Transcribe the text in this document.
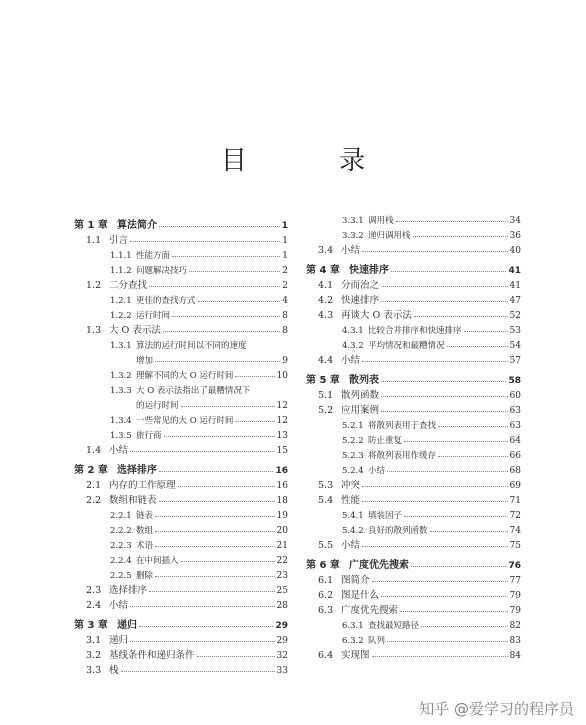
目 录
第 1 章 算法简介	1
1.1 引言	1
1.1.1 性能方面	1
1.1.2 问题解决技巧	2
1.2 二分查找	2
1.2.1 更佳的查找方式	4
1.2.2 运行时间	8
1.3 大 O 表示法	8
1.3.1 算法的运行时间以不同的速度
增加	9
1.3.2 理解不同的大 O 运行时间	10
1.3.3 大 O 表示法指出了最糟情况下
的运行时间	12
1.3.4 一些常见的大 O 运行时间	12
1.3.5 旅行商	13
1.4 小结	15
第 2 章 选择排序	16
2.1 内存的工作原理	16
2.2 数组和链表	18
2.2.1 链表	19
2.2.2 数组	20
2.2.3 术语	21
2.2.4 在中间插入	22
2.2.5 删除	23
2.3 选择排序	25
2.4 小结	28
第 3 章 递归	29
3.1 递归	29
3.2 基线条件和递归条件	32
3.3 栈	33
3.3.1 调用栈	34
3.3.2 递归调用栈	36
3.4 小结	40
第 4 章 快速排序	41
4.1 分而治之	41
4.2 快速排序	47
4.3 再谈大 O 表示法	52
4.3.1 比较合并排序和快速排序	53
4.3.2 平均情况和最糟情况	54
4.4 小结	57
第 5 章 散列表	58
5.1 散列函数	60
5.2 应用案例	63
5.2.1 将散列表用于查找	63
5.2.2 防止重复	64
5.2.3 将散列表用作缓存	66
5.2.4 小结	68
5.3 冲突	69
5.4 性能	71
5.4.1 填装因子	72
5.4.2 良好的散列函数	74
5.5 小结	75
第 6 章 广度优先搜索	76
6.1 图简介	77
6.2 图是什么	79
6.3 广度优先搜索	79
6.3.1 查找最短路径	82
6.3.2 队列	83
6.4 实现图	84
知乎 @爱学习的程序员
